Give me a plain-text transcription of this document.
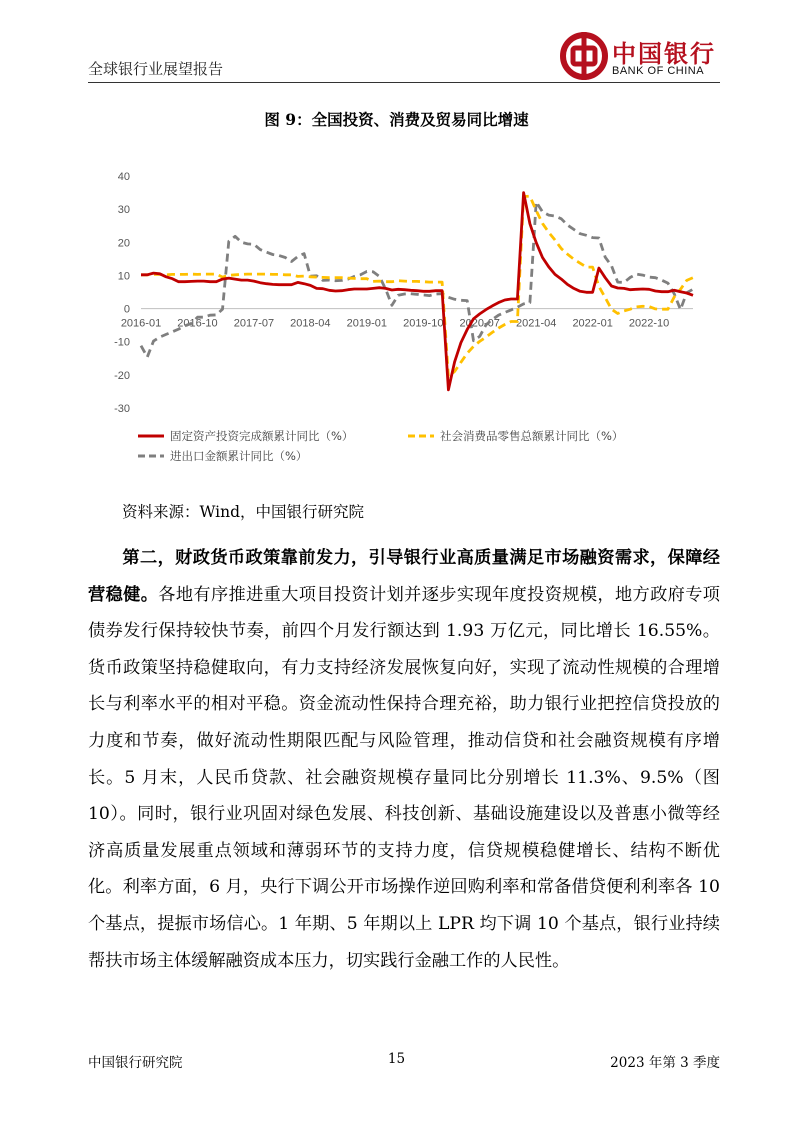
全球银行业展望报告
中国银行
BANK OF CHINA
图 9：全国投资、消费及贸易同比增速
-30
-20
-10
0
10
20
30
40
2016-01 2016-10 2017-07 2018-04 2019-01 2019-10 2020-07 2021-04 2022-01 2022-10
固定资产投资完成额累计同比（%）	社会消费品零售总额累计同比（%）
进出口金额累计同比（%）
资料来源：Wind，中国银行研究院

第二，财政货币政策靠前发力，引导银行业高质量满足市场融资需求，保障经营稳健。各地有序推进重大项目投资计划并逐步实现年度投资规模，地方政府专项债券发行保持较快节奏，前四个月发行额达到 1.93 万亿元，同比增长 16.55%。货币政策坚持稳健取向，有力支持经济发展恢复向好，实现了流动性规模的合理增长与利率水平的相对平稳。资金流动性保持合理充裕，助力银行业把控信贷投放的力度和节奏，做好流动性期限匹配与风险管理，推动信贷和社会融资规模有序增长。5 月末，人民币贷款、社会融资规模存量同比分别增长 11.3%、9.5%（图 10）。同时，银行业巩固对绿色发展、科技创新、基础设施建设以及普惠小微等经济高质量发展重点领域和薄弱环节的支持力度，信贷规模稳健增长、结构不断优化。利率方面，6 月，央行下调公开市场操作逆回购利率和常备借贷便利利率各 10 个基点，提振市场信心。1 年期、5 年期以上 LPR 均下调 10 个基点，银行业持续帮扶市场主体缓解融资成本压力，切实践行金融工作的人民性。

中国银行研究院	15	2023 年第 3 季度
